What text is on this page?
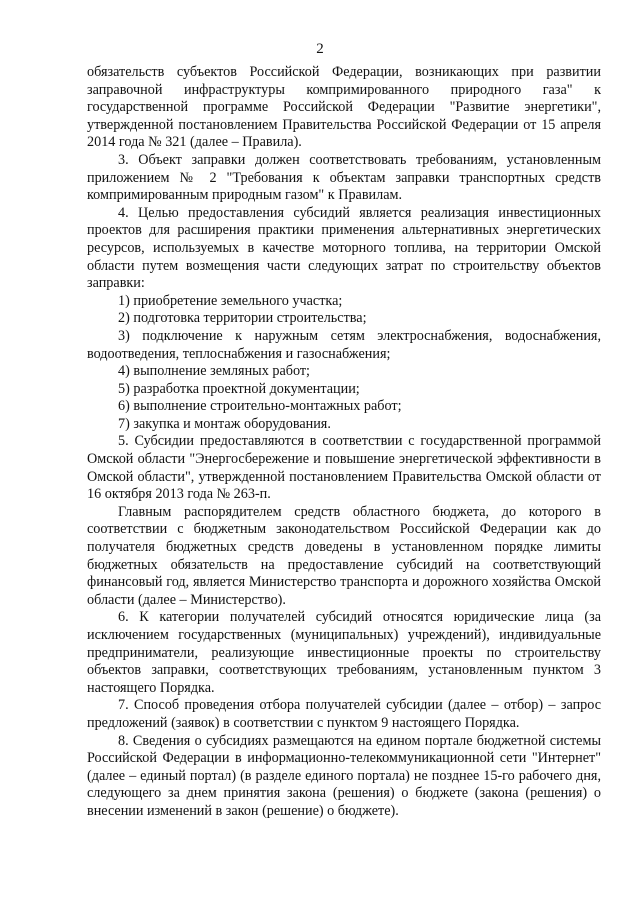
2

обязательств субъектов Российской Федерации, возникающих при развитии заправочной инфраструктуры компримированного природного газа" к государственной программе Российской Федерации "Развитие энергетики", утвержденной постановлением Правительства Российской Федерации от 15 апреля 2014 года № 321 (далее – Правила).

3. Объект заправки должен соответствовать требованиям, установленным приложением № 2 "Требования к объектам заправки транспортных средств компримированным природным газом" к Правилам.

4. Целью предоставления субсидий является реализация инвестиционных проектов для расширения практики применения альтернативных энергетических ресурсов, используемых в качестве моторного топлива, на территории Омской области путем возмещения части следующих затрат по строительству объектов заправки:

1) приобретение земельного участка;

2) подготовка территории строительства;

3) подключение к наружным сетям электроснабжения, водоснабжения, водоотведения, теплоснабжения и газоснабжения;

4) выполнение земляных работ;

5) разработка проектной документации;

6) выполнение строительно-монтажных работ;

7) закупка и монтаж оборудования.

5. Субсидии предоставляются в соответствии с государственной программой Омской области "Энергосбережение и повышение энергетической эффективности в Омской области", утвержденной постановлением Правительства Омской области от 16 октября 2013 года № 263-п.

Главным распорядителем средств областного бюджета, до которого в соответствии с бюджетным законодательством Российской Федерации как до получателя бюджетных средств доведены в установленном порядке лимиты бюджетных обязательств на предоставление субсидий на соответствующий финансовый год, является Министерство транспорта и дорожного хозяйства Омской области (далее – Министерство).

6. К категории получателей субсидий относятся юридические лица (за исключением государственных (муниципальных) учреждений), индивидуальные предприниматели, реализующие инвестиционные проекты по строительству объектов заправки, соответствующих требованиям, установленным пунктом 3 настоящего Порядка.

7. Способ проведения отбора получателей субсидии (далее – отбор) – запрос предложений (заявок) в соответствии с пунктом 9 настоящего Порядка.

8. Сведения о субсидиях размещаются на едином портале бюджетной системы Российской Федерации в информационно-телекоммуникационной сети "Интернет" (далее – единый портал) (в разделе единого портала) не позднее 15-го рабочего дня, следующего за днем принятия закона (решения) о бюджете (закона (решения) о внесении изменений в закон (решение) о бюджете).
